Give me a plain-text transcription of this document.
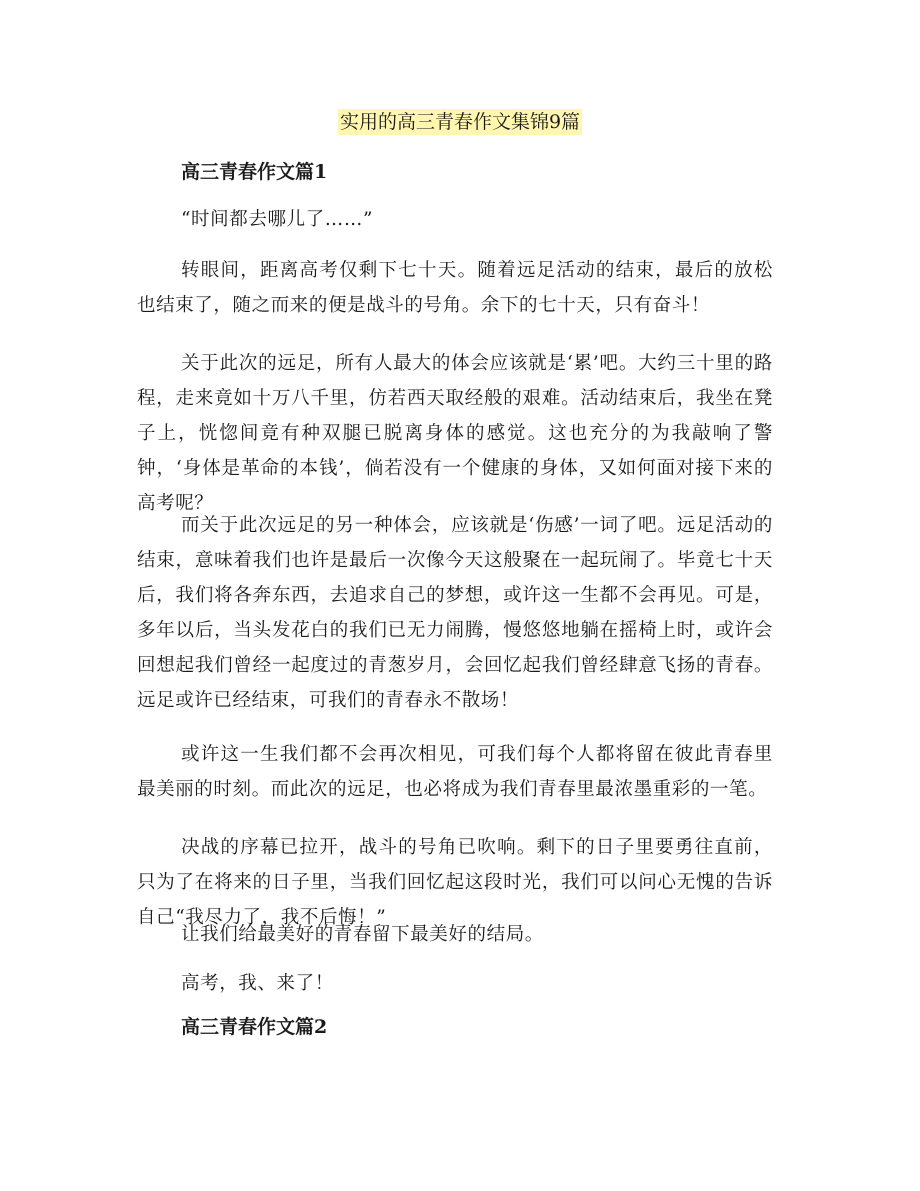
实用的高三青春作文集锦9篇
高三青春作文篇1

“时间都去哪儿了……”

转眼间，距离高考仅剩下七十天。随着远足活动的结束，最后的放松也结束了，随之而来的便是战斗的号角。余下的七十天，只有奋斗！

关于此次的远足，所有人最大的体会应该就是‘累’吧。大约三十里的路程，走来竟如十万八千里，仿若西天取经般的艰难。活动结束后，我坐在凳子上，恍惚间竟有种双腿已脱离身体的感觉。这也充分的为我敲响了警钟，‘身体是革命的本钱’，倘若没有一个健康的身体，又如何面对接下来的高考呢？

而关于此次远足的另一种体会，应该就是‘伤感’一词了吧。远足活动的结束，意味着我们也许是最后一次像今天这般聚在一起玩闹了。毕竟七十天后，我们将各奔东西，去追求自己的梦想，或许这一生都不会再见。可是，多年以后，当头发花白的我们已无力闹腾，慢悠悠地躺在摇椅上时，或许会回想起我们曾经一起度过的青葱岁月，会回忆起我们曾经肆意飞扬的青春。远足或许已经结束，可我们的青春永不散场！

或许这一生我们都不会再次相见，可我们每个人都将留在彼此青春里最美丽的时刻。而此次的远足，也必将成为我们青春里最浓墨重彩的一笔。

决战的序幕已拉开，战斗的号角已吹响。剩下的日子里要勇往直前，只为了在将来的日子里，当我们回忆起这段时光，我们可以问心无愧的告诉自己“我尽力了，我不后悔！”

让我们给最美好的青春留下最美好的结局。

高考，我、来了！

高三青春作文篇2
